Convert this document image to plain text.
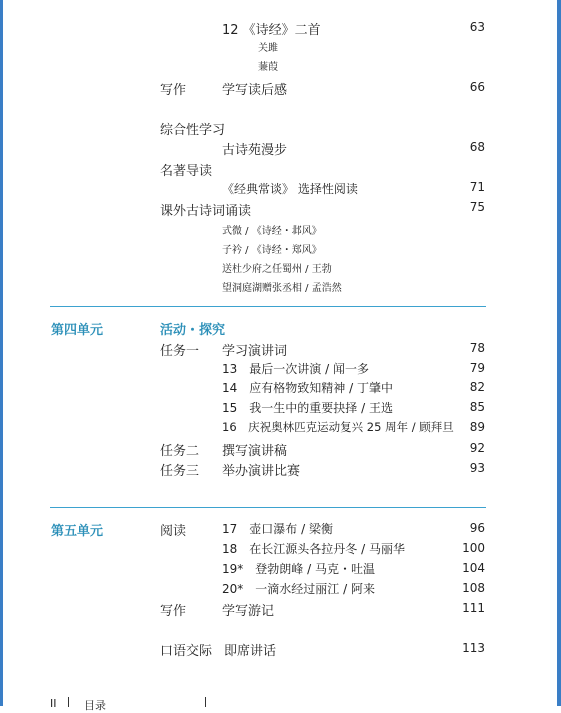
12 《诗经》二首	63
关雎
蒹葭
写作	学写读后感	66
综合性学习
古诗苑漫步	68
名著导读
《经典常谈》 选择性阅读	71
课外古诗词诵读	75
式微 / 《诗经・邶风》
子衿 / 《诗经・郑风》
送杜少府之任蜀州 / 王勃
望洞庭湖赠张丞相 / 孟浩然
第四单元	活动・探究
任务一 学习演讲词	78
13　最后一次讲演 / 闻一多	79
14　应有格物致知精神 / 丁肇中	82
15　我一生中的重要抉择 / 王选	85
16　庆祝奥林匹克运动复兴 25 周年 / 顾拜旦	89
任务二 撰写演讲稿	92
任务三 举办演讲比赛	93
第五单元	阅读	17　壶口瀑布 / 梁衡	96
18　在长江源头各拉丹冬 / 马丽华	100
19*　登勃朗峰 / 马克・吐温	104
20*　一滴水经过丽江 / 阿来	108
写作	学写游记	111
口语交际 即席讲话	113
II	目录
